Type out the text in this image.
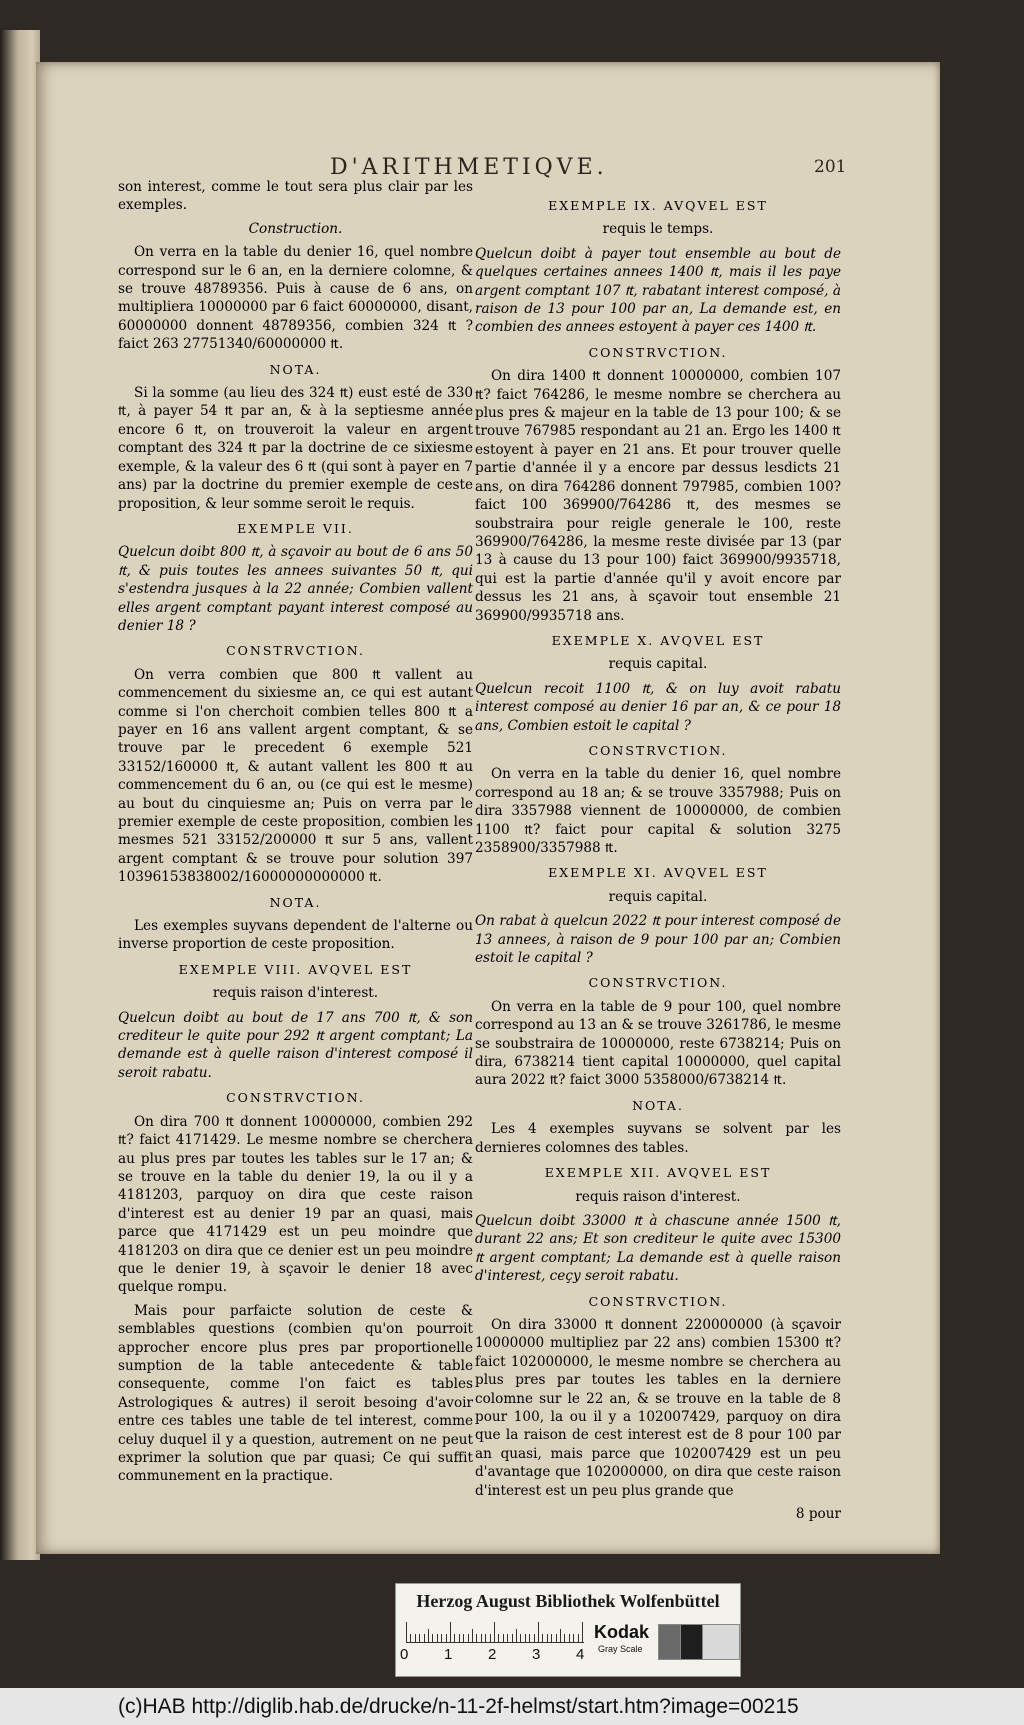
D'ARITHMETIQVE.	201

son interest, comme le tout sera plus clair par les exemples.

Construction.

On verra en la table du denier 16, quel nombre correspond sur le 6 an, en la derniere colomne, & se trouve 48789356. Puis à cause de 6 ans, on multipliera 10000000 par 6 faict 60000000, disant, 60000000 donnent 48789356, combien 324 ₶ ? faict 263 27751340/60000000 ₶.

NOTA.

Si la somme (au lieu des 324 ₶) eust esté de 330 ₶, à payer 54 ₶ par an, & à la septiesme année encore 6 ₶, on trouveroit la valeur en argent comptant des 324 ₶ par la doctrine de ce sixiesme exemple, & la valeur des 6 ₶ (qui sont à payer en 7 ans) par la doctrine du premier exemple de ceste proposition, & leur somme seroit le requis.

EXEMPLE VII.

Quelcun doibt 800 ₶, à sçavoir au bout de 6 ans 50 ₶, & puis toutes les annees suivantes 50 ₶, qui s'estendra jusques à la 22 année; Combien vallent elles argent comptant payant interest composé au denier 18 ?

CONSTRVCTION.

On verra combien que 800 ₶ vallent au commencement du sixiesme an, ce qui est autant comme si l'on cherchoit combien telles 800 ₶ a payer en 16 ans vallent argent comptant, & se trouve par le precedent 6 exemple 521 33152/160000 ₶, & autant vallent les 800 ₶ au commencement du 6 an, ou (ce qui est le mesme) au bout du cinquiesme an; Puis on verra par le premier exemple de ceste proposition, combien les mesmes 521 33152/200000 ₶ sur 5 ans, vallent argent comptant & se trouve pour solution 397 10396153838002/16000000000000 ₶.

NOTA.

Les exemples suyvans dependent de l'alterne ou inverse proportion de ceste proposition.

EXEMPLE VIII. AVQVEL EST

requis raison d'interest.

Quelcun doibt au bout de 17 ans 700 ₶, & son crediteur le quite pour 292 ₶ argent comptant; La demande est à quelle raison d'interest composé il seroit rabatu.

CONSTRVCTION.

On dira 700 ₶ donnent 10000000, combien 292 ₶? faict 4171429. Le mesme nombre se cherchera au plus pres par toutes les tables sur le 17 an; & se trouve en la table du denier 19, la ou il y a 4181203, parquoy on dira que ceste raison d'interest est au denier 19 par an quasi, mais parce que 4171429 est un peu moindre que 4181203 on dira que ce denier est un peu moindre que le denier 19, à sçavoir le denier 18 avec quelque rompu.

Mais pour parfaicte solution de ceste & semblables questions (combien qu'on pourroit approcher encore plus pres par proportionelle sumption de la table antecedente & table consequente, comme l'on faict es tables Astrologiques & autres) il seroit besoing d'avoir entre ces tables une table de tel interest, comme celuy duquel il y a question, autrement on ne peut exprimer la solution que par quasi; Ce qui suffit communement en la practique.

EXEMPLE IX. AVQVEL EST

requis le temps.

Quelcun doibt à payer tout ensemble au bout de quelques certaines annees 1400 ₶, mais il les paye argent comptant 107 ₶, rabatant interest composé, à raison de 13 pour 100 par an, La demande est, en combien des annees estoyent à payer ces 1400 ₶.

CONSTRVCTION.

On dira 1400 ₶ donnent 10000000, combien 107 ₶? faict 764286, le mesme nombre se cherchera au plus pres & majeur en la table de 13 pour 100; & se trouve 767985 respondant au 21 an. Ergo les 1400 ₶ estoyent à payer en 21 ans. Et pour trouver quelle partie d'année il y a encore par dessus lesdicts 21 ans, on dira 764286 donnent 797985, combien 100? faict 100 369900/764286 ₶, des mesmes se soubstraira pour reigle generale le 100, reste 369900/764286, la mesme reste divisée par 13 (par 13 à cause du 13 pour 100) faict 369900/9935718, qui est la partie d'année qu'il y avoit encore par dessus les 21 ans, à sçavoir tout ensemble 21 369900/9935718 ans.

EXEMPLE X. AVQVEL EST

requis capital.

Quelcun recoit 1100 ₶, & on luy avoit rabatu interest composé au denier 16 par an, & ce pour 18 ans, Combien estoit le capital ?

CONSTRVCTION.

On verra en la table du denier 16, quel nombre correspond au 18 an; & se trouve 3357988; Puis on dira 3357988 viennent de 10000000, de combien 1100 ₶? faict pour capital & solution 3275 2358900/3357988 ₶.

EXEMPLE XI. AVQVEL EST

requis capital.

On rabat à quelcun 2022 ₶ pour interest composé de 13 annees, à raison de 9 pour 100 par an; Combien estoit le capital ?

CONSTRVCTION.

On verra en la table de 9 pour 100, quel nombre correspond au 13 an & se trouve 3261786, le mesme se soubstraira de 10000000, reste 6738214; Puis on dira, 6738214 tient capital 10000000, quel capital aura 2022 ₶? faict 3000 5358000/6738214 ₶.

NOTA.

Les 4 exemples suyvans se solvent par les dernieres colomnes des tables.

EXEMPLE XII. AVQVEL EST

requis raison d'interest.

Quelcun doibt 33000 ₶ à chascune année 1500 ₶, durant 22 ans; Et son crediteur le quite avec 15300 ₶ argent comptant; La demande est à quelle raison d'interest, ceçy seroit rabatu.

CONSTRVCTION.

On dira 33000 ₶ donnent 220000000 (à sçavoir 10000000 multipliez par 22 ans) combien 15300 ₶? faict 102000000, le mesme nombre se cherchera au plus pres par toutes les tables en la derniere colomne sur le 22 an, & se trouve en la table de 8 pour 100, la ou il y a 102007429, parquoy on dira que la raison de cest interest est de 8 pour 100 par an quasi, mais parce que 102007429 est un peu d'avantage que 102000000, on dira que ceste raison d'interest est un peu plus grande que

8 pour

Herzog August Bibliothek Wolfenbüttel
0 1 2 3 4
Kodak
Gray Scale
(c)HAB http://diglib.hab.de/drucke/n-11-2f-helmst/start.htm?image=00215
